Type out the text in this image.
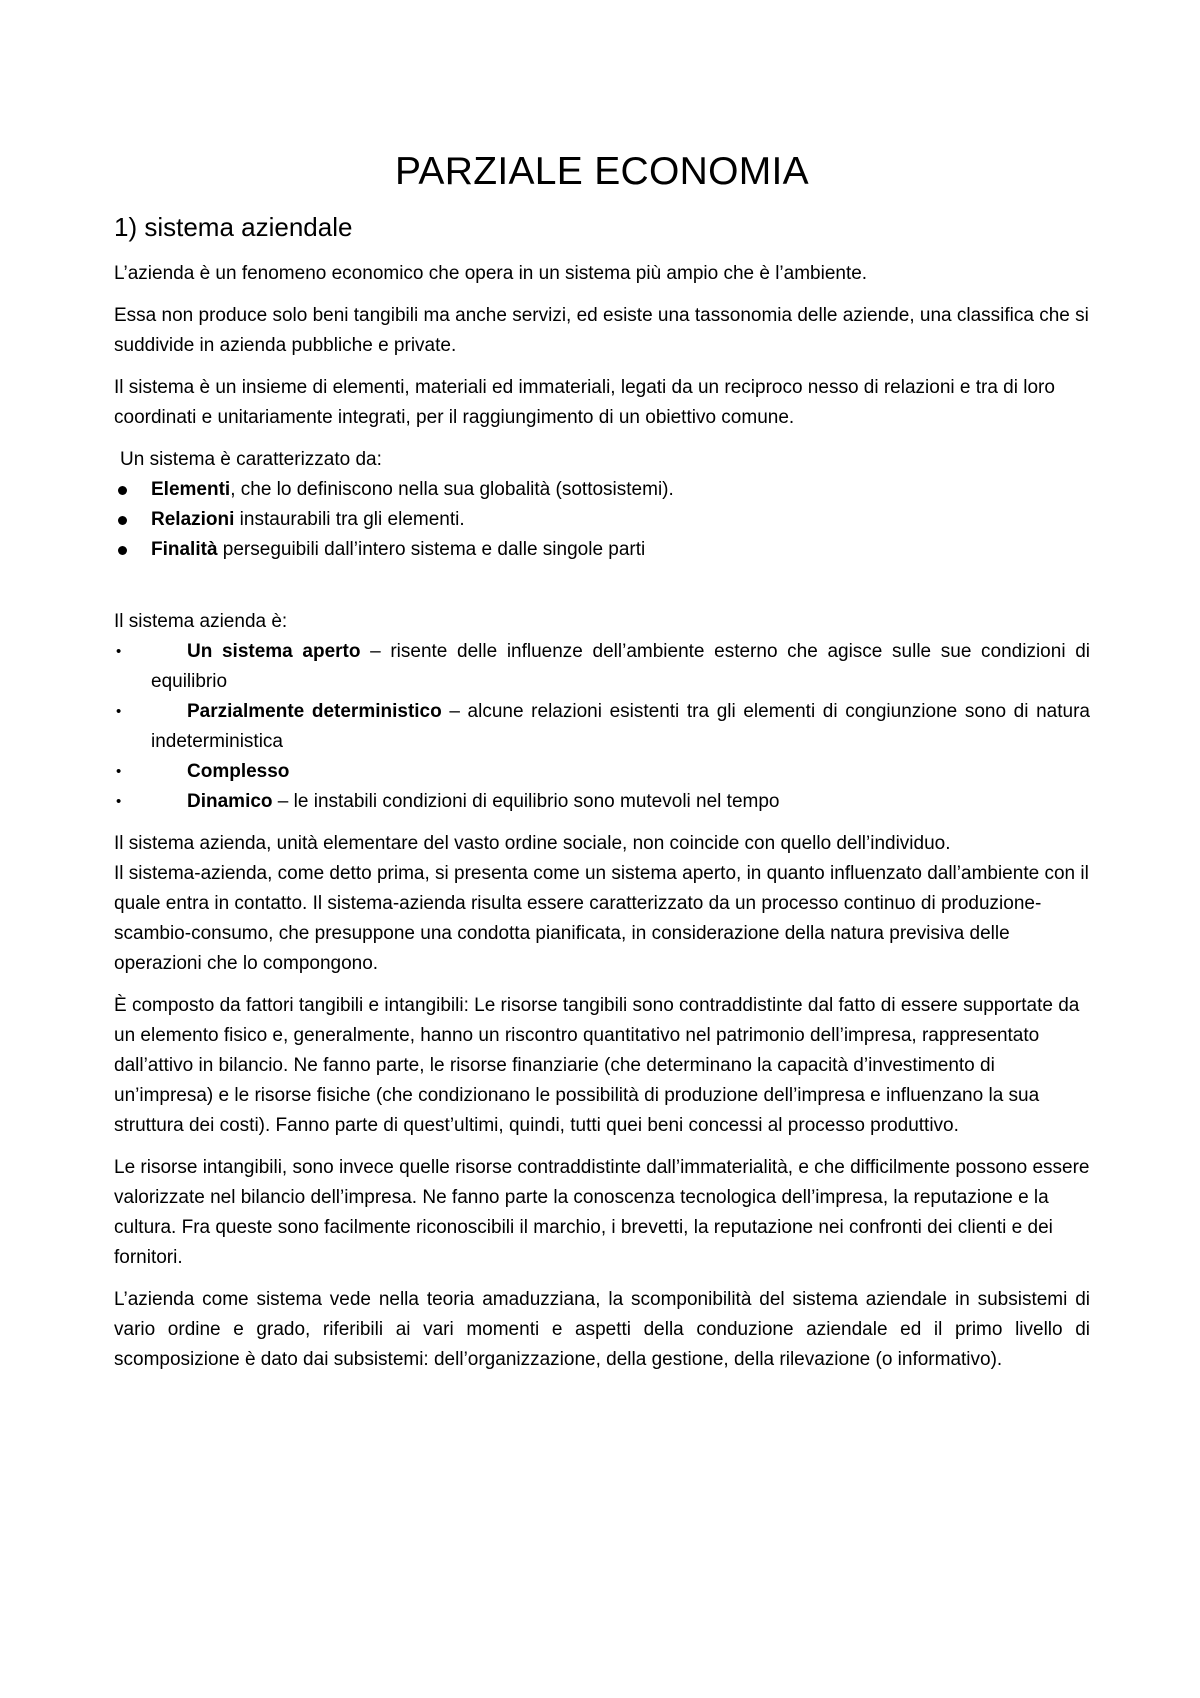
PARZIALE ECONOMIA
1) sistema aziendale

L’azienda è un fenomeno economico che opera in un sistema più ampio che è l’ambiente.

Essa non produce solo beni tangibili ma anche servizi, ed esiste una tassonomia delle aziende, una classifica che si suddivide in azienda pubbliche e private.

Il sistema è un insieme di elementi, materiali ed immateriali, legati da un reciproco nesso di relazioni e tra di loro coordinati e unitariamente integrati, per il raggiungimento di un obiettivo comune.

Un sistema è caratterizzato da:
Elementi, che lo definiscono nella sua globalità (sottosistemi).
Relazioni instaurabili tra gli elementi.
Finalità perseguibili dall’intero sistema e dalle singole parti

Il sistema azienda è:

• Un sistema aperto – risente delle influenze dell’ambiente esterno che agisce sulle sue condizioni di equilibrio
• Parzialmente deterministico – alcune relazioni esistenti tra gli elementi di congiunzione sono di natura indeterministica
• Complesso
• Dinamico – le instabili condizioni di equilibrio sono mutevoli nel tempo

Il sistema azienda, unità elementare del vasto ordine sociale, non coincide con quello dell’individuo.

Il sistema-azienda, come detto prima, si presenta come un sistema aperto, in quanto influenzato dall’ambiente con il quale entra in contatto. Il sistema-azienda risulta essere caratterizzato da un processo continuo di produzione-scambio-consumo, che presuppone una condotta pianificata, in considerazione della natura previsiva delle operazioni che lo compongono.

È composto da fattori tangibili e intangibili: Le risorse tangibili sono contraddistinte dal fatto di essere supportate da un elemento fisico e, generalmente, hanno un riscontro quantitativo nel patrimonio dell’impresa, rappresentato dall’attivo in bilancio. Ne fanno parte, le risorse finanziarie (che determinano la capacità d’investimento di un’impresa) e le risorse fisiche (che condizionano le possibilità di produzione dell’impresa e influenzano la sua struttura dei costi). Fanno parte di quest’ultimi, quindi, tutti quei beni concessi al processo produttivo.

Le risorse intangibili, sono invece quelle risorse contraddistinte dall’immaterialità, e che difficilmente possono essere valorizzate nel bilancio dell’impresa. Ne fanno parte la conoscenza tecnologica dell’impresa, la reputazione e la cultura. Fra queste sono facilmente riconoscibili il marchio, i brevetti, la reputazione nei confronti dei clienti e dei fornitori.

L’azienda come sistema vede nella teoria amaduzziana, la scomponibilità del sistema aziendale in subsistemi di vario ordine e grado, riferibili ai vari momenti e aspetti della conduzione aziendale ed il primo livello di scomposizione è dato dai subsistemi: dell’organizzazione, della gestione, della rilevazione (o informativo).
